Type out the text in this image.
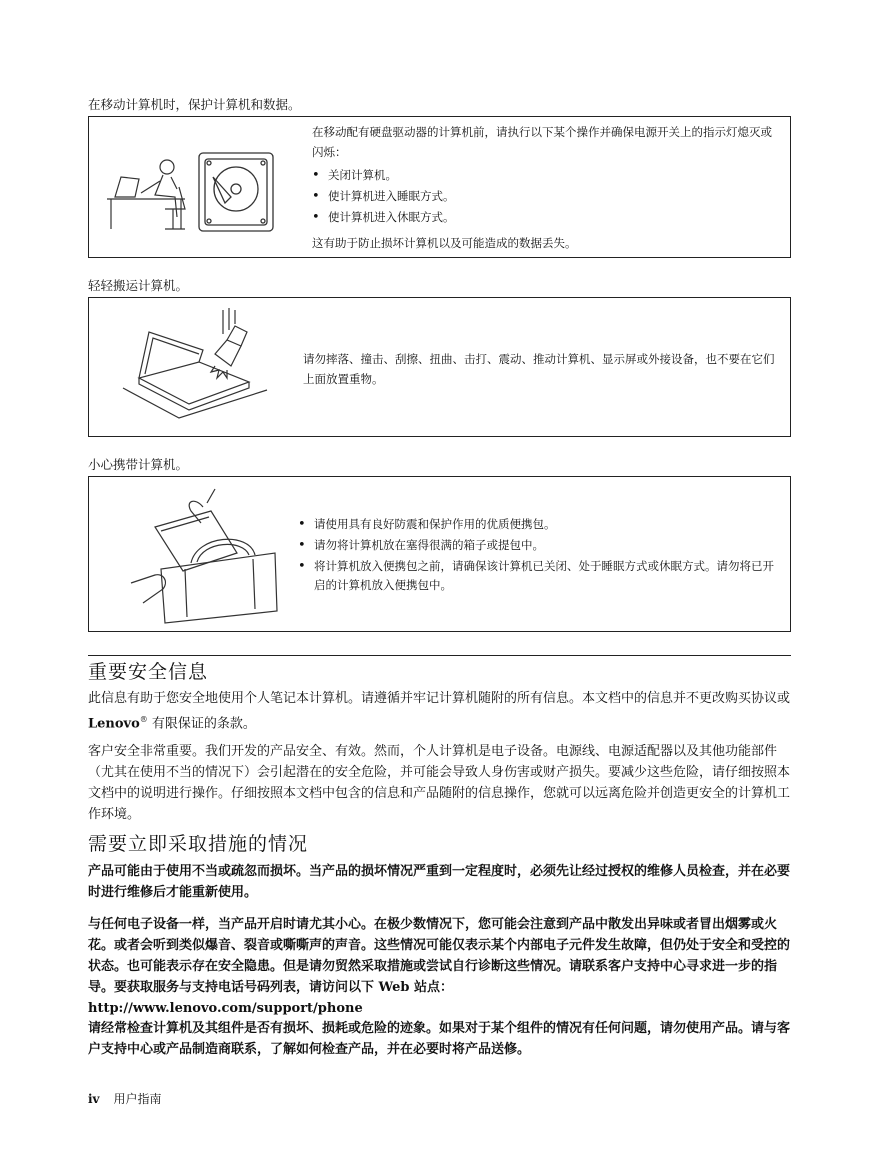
在移动计算机时，保护计算机和数据。

在移动配有硬盘驱动器的计算机前，请执行以下某个操作并确保电源开关上的指示灯熄灭或闪烁：

• 关闭计算机。
• 使计算机进入睡眠方式。
• 使计算机进入休眠方式。

这有助于防止损坏计算机以及可能造成的数据丢失。

轻轻搬运计算机。
请勿摔落、撞击、刮擦、扭曲、击打、震动、推动计算机、显示屏或外接设备，也不要在它们上面放置重物。
小心携带计算机。
• 请使用具有良好防震和保护作用的优质便携包。
• 请勿将计算机放在塞得很满的箱子或提包中。
• 将计算机放入便携包之前，请确保该计算机已关闭、处于睡眠方式或休眠方式。请勿将已开启的计算机放入便携包中。
重要安全信息
此信息有助于您安全地使用个人笔记本计算机。请遵循并牢记计算机随附的所有信息。本文档中的信息并不更改购买协议或 Lenovo® 有限保证的条款。
客户安全非常重要。我们开发的产品安全、有效。然而，个人计算机是电子设备。电源线、电源适配器以及其他功能部件（尤其在使用不当的情况下）会引起潜在的安全危险，并可能会导致人身伤害或财产损失。要减少这些危险，请仔细按照本文档中的说明进行操作。仔细按照本文档中包含的信息和产品随附的信息操作，您就可以远离危险并创造更安全的计算机工作环境。
需要立即采取措施的情况
产品可能由于使用不当或疏忽而损坏。当产品的损坏情况严重到一定程度时，必须先让经过授权的维修人员检查，并在必要时进行维修后才能重新使用。
与任何电子设备一样，当产品开启时请尤其小心。在极少数情况下，您可能会注意到产品中散发出异味或者冒出烟雾或火花。或者会听到类似爆音、裂音或嘶嘶声的声音。这些情况可能仅表示某个内部电子元件发生故障，但仍处于安全和受控的状态。也可能表示存在安全隐患。但是请勿贸然采取措施或尝试自行诊断这些情况。请联系客户支持中心寻求进一步的指导。要获取服务与支持电话号码列表，请访问以下 Web 站点：
http://www.lenovo.com/support/phone
请经常检查计算机及其组件是否有损坏、损耗或危险的迹象。如果对于某个组件的情况有任何问题，请勿使用产品。请与客户支持中心或产品制造商联系，了解如何检查产品，并在必要时将产品送修。
iv 用户指南
